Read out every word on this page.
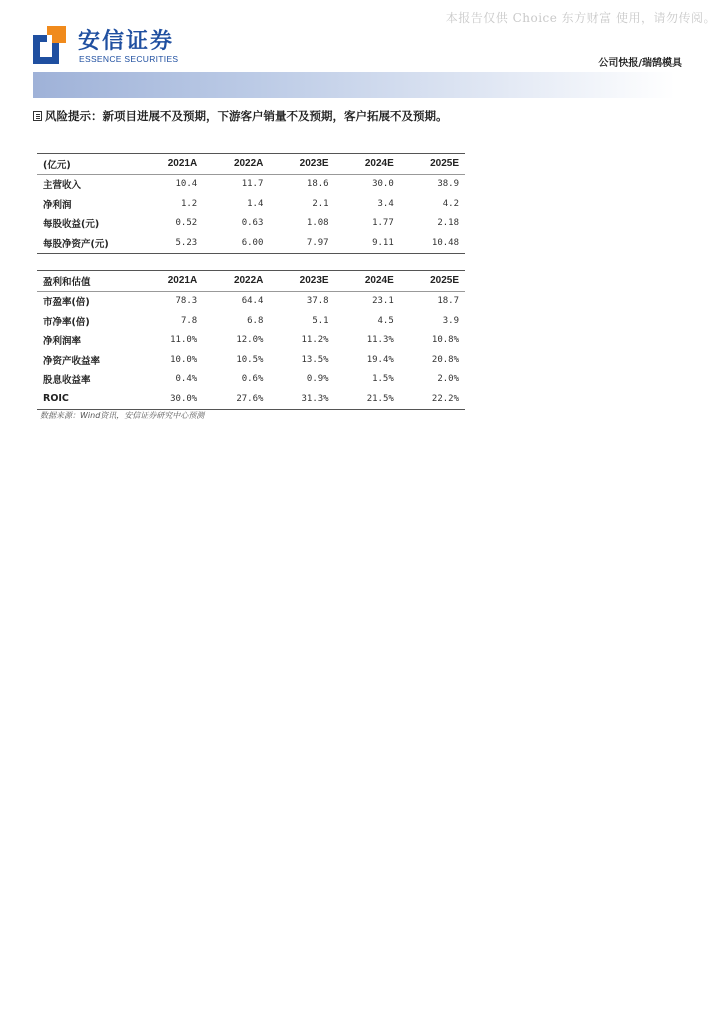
本报告仅供 Choice 东方财富 使用，请勿传阅。
安信证券
ESSENCE SECURITIES	公司快报/瑞鹄模具
风险提示：新项目进展不及预期，下游客户销量不及预期，客户拓展不及预期。
(亿元)	2021A	2022A	2023E	2024E	2025E
主营收入	10.4	11.7	18.6	30.0	38.9
净利润	1.2	1.4	2.1	3.4	4.2
每股收益(元)	0.52	0.63	1.08	1.77	2.18
每股净资产(元)	5.23	6.00	7.97	9.11	10.48
盈利和估值	2021A	2022A	2023E	2024E	2025E
市盈率(倍)	78.3	64.4	37.8	23.1	18.7
市净率(倍)	7.8	6.8	5.1	4.5	3.9
净利润率	11.0%	12.0%	11.2%	11.3%	10.8%
净资产收益率	10.0%	10.5%	13.5%	19.4%	20.8%
股息收益率	0.4%	0.6%	0.9%	1.5%	2.0%
ROIC	30.0%	27.6%	31.3%	21.5%	22.2%
数据来源：Wind资讯，安信证券研究中心预测
